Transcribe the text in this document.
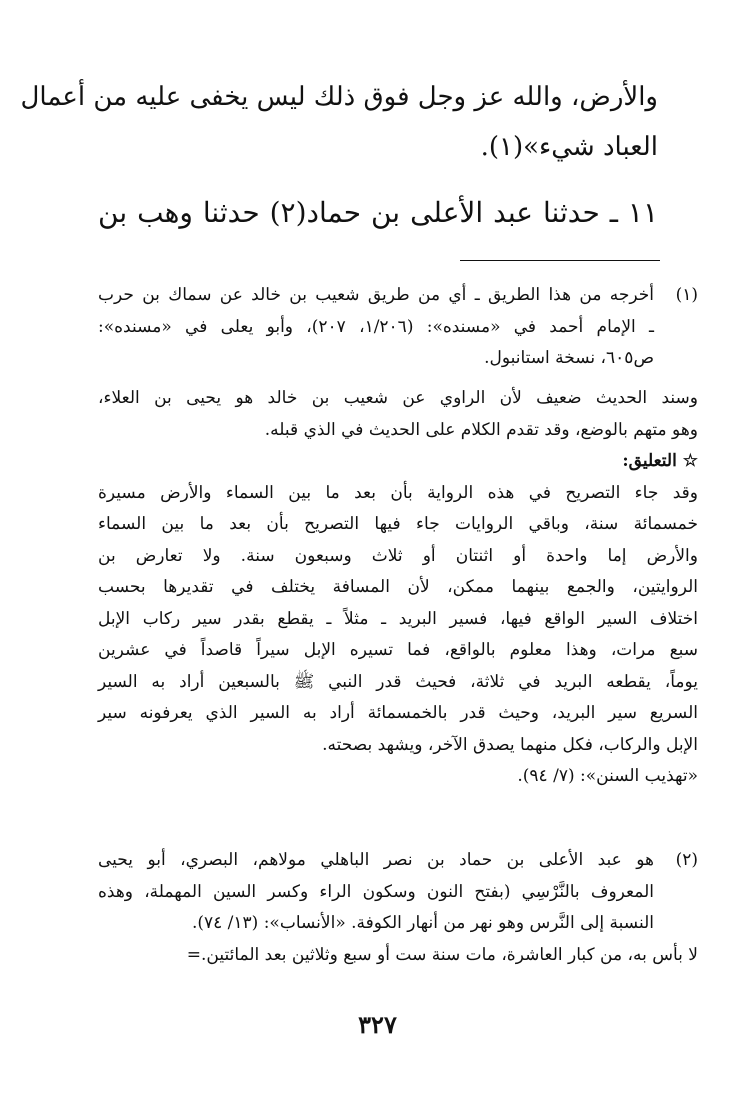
والأرض، والله عز وجل فوق ذلك ليس يخفى عليه من أعمال
العباد شيء»(١).
١١ ـ حدثنا عبد الأعلى بن حماد(٢) حدثنا وهب بن
(١)
أخرجه من هذا الطريق ـ أي من طريق شعيب بن خالد عن سماك بن حرب
ـ الإمام أحمد في «مسنده»: (١/٢٠٦، ٢٠٧)، وأبو يعلى في «مسنده»:
ص٦٠٥، نسخة استانبول.
وسند الحديث ضعيف لأن الراوي عن شعيب بن خالد هو يحيى بن العلاء،
وهو متهم بالوضع، وقد تقدم الكلام على الحديث في الذي قبله.
☆ التعليق:
وقد جاء التصريح في هذه الرواية بأن بعد ما بين السماء والأرض مسيرة
خمسمائة سنة، وباقي الروايات جاء فيها التصريح بأن بعد ما بين السماء
والأرض إما واحدة أو اثنتان أو ثلاث وسبعون سنة. ولا تعارض بن
الروايتين، والجمع بينهما ممكن، لأن المسافة يختلف في تقديرها بحسب
اختلاف السير الواقع فيها، فسير البريد ـ مثلاً ـ يقطع بقدر سير ركاب الإبل
سبع مرات، وهذا معلوم بالواقع، فما تسيره الإبل سيراً قاصداً في عشرين
يوماً، يقطعه البريد في ثلاثة، فحيث قدر النبي ﷺ بالسبعين أراد به السير
السريع سير البريد، وحيث قدر بالخمسمائة أراد به السير الذي يعرفونه سير
الإبل والركاب، فكل منهما يصدق الآخر، ويشهد بصحته.
«تهذيب السنن»: (٧/ ٩٤).
(٢)
هو عبد الأعلى بن حماد بن نصر الباهلي مولاهم، البصري، أبو يحيى
المعروف بالنَّرْسِي (بفتح النون وسكون الراء وكسر السين المهملة، وهذه
النسبة إلى النَّرس وهو نهر من أنهار الكوفة. «الأنساب»: (١٣/ ٧٤).
لا بأس به، من كبار العاشرة، مات سنة ست أو سبع وثلاثين بعد المائتين.=
٣٢٧
